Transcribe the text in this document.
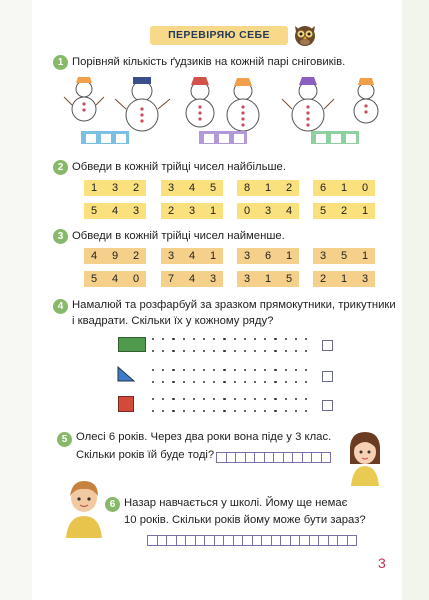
ПЕРЕВІРЯЮ СЕБЕ
1 Порівняй кількість ґудзиків на кожній парі сніговиків.
2 Обведи в кожній трійці чисел найбільше.
1	3	2	3	4	5	8	1	2	6	1	0
5	4	3	2	3	1	0	3	4	5	2	1
3 Обведи в кожній трійці чисел найменше.
4	9	2	3	4	1	3	6	1	3	5	1
5	4	0	7	4	3	3	1	5	2	1	3
4 Намалюй та розфарбуй за зразком прямокутники, трикутники
і квадрати. Скільки їх у кожному ряду?
5 Олесі 6 років. Через два роки вона піде у 3 клас.
Скільки років їй буде тоді?
6 Назар навчається у школі. Йому ще немає
10 років. Скільки років йому може бути зараз?
3
